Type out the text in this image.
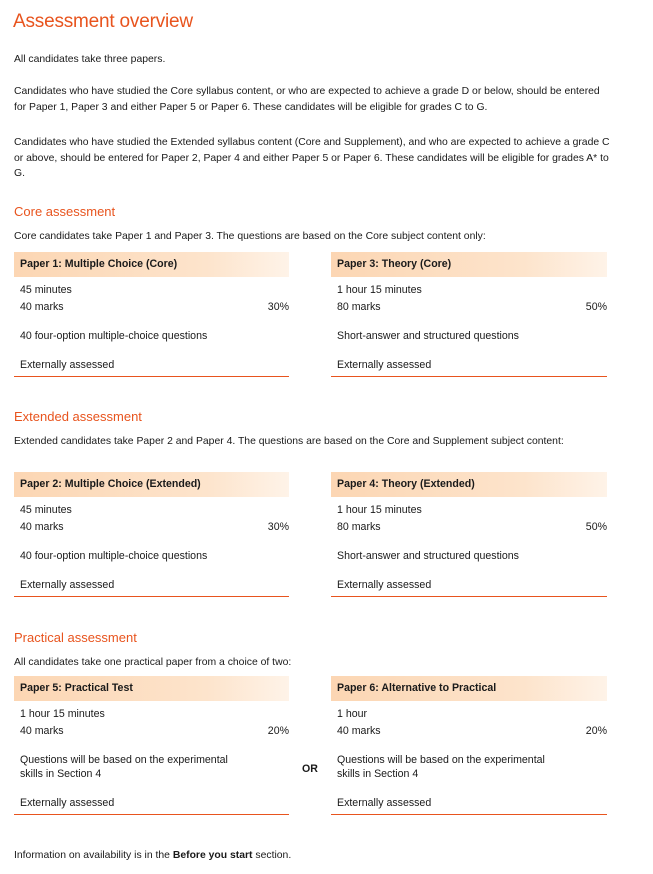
Assessment overview

All candidates take three papers.

Candidates who have studied the Core syllabus content, or who are expected to achieve a grade D or below, should be entered for Paper 1, Paper 3 and either Paper 5 or Paper 6. These candidates will be eligible for grades C to G.

Candidates who have studied the Extended syllabus content (Core and Supplement), and who are expected to achieve a grade C or above, should be entered for Paper 2, Paper 4 and either Paper 5 or Paper 6. These candidates will be eligible for grades A* to G.

Core assessment

Core candidates take Paper 1 and Paper 3. The questions are based on the Core subject content only:

Paper 1: Multiple Choice (Core)
45 minutes
40 marks	30%
40 four-option multiple-choice questions
Externally assessed
Paper 3: Theory (Core)
1 hour 15 minutes
80 marks	50%
Short-answer and structured questions
Externally assessed
Extended assessment

Extended candidates take Paper 2 and Paper 4. The questions are based on the Core and Supplement subject content:

Paper 2: Multiple Choice (Extended)
45 minutes
40 marks	30%
40 four-option multiple-choice questions
Externally assessed
Paper 4: Theory (Extended)
1 hour 15 minutes
80 marks	50%
Short-answer and structured questions
Externally assessed
Practical assessment

All candidates take one practical paper from a choice of two:

Paper 5: Practical Test
1 hour 15 minutes
40 marks	20%
Questions will be based on the experimental
skills in Section 4
Externally assessed
OR
Paper 6: Alternative to Practical
1 hour
40 marks	20%
Questions will be based on the experimental
skills in Section 4
Externally assessed

Information on availability is in the Before you start section.
